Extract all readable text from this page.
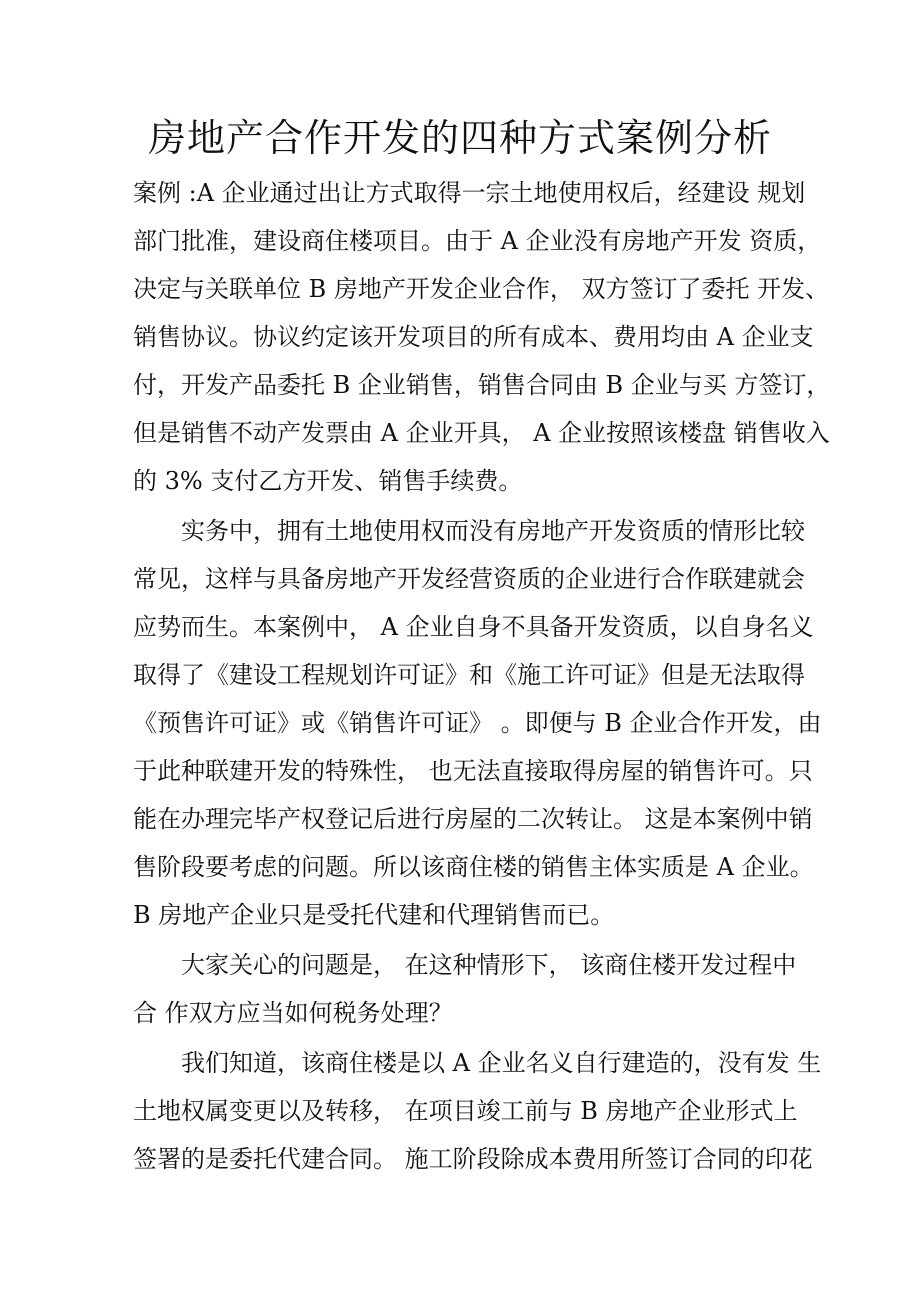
房地产合作开发的四种方式案例分析
案例 :A 企业通过出让方式取得一宗土地使用权后，经建设 规划
部门批准，建设商住楼项目。由于 A 企业没有房地产开发 资质，
决定与关联单位 B 房地产开发企业合作， 双方签订了委托 开发、
销售协议。协议约定该开发项目的所有成本、费用均由 A 企业支
付，开发产品委托 B 企业销售，销售合同由 B 企业与买 方签订，
但是销售不动产发票由 A 企业开具， A 企业按照该楼盘 销售收入
的 3% 支付乙方开发、销售手续费。
实务中，拥有土地使用权而没有房地产开发资质的情形比较
常见，这样与具备房地产开发经营资质的企业进行合作联建就会
应势而生。本案例中， A 企业自身不具备开发资质，以自身名义
取得了《建设工程规划许可证》和《施工许可证》但是无法取得
《预售许可证》或《销售许可证》 。即便与 B 企业合作开发，由
于此种联建开发的特殊性， 也无法直接取得房屋的销售许可。只
能在办理完毕产权登记后进行房屋的二次转让。 这是本案例中销
售阶段要考虑的问题。所以该商住楼的销售主体实质是 A 企业。
B 房地产企业只是受托代建和代理销售而已。
大家关心的问题是， 在这种情形下， 该商住楼开发过程中
合 作双方应当如何税务处理？
我们知道，该商住楼是以 A 企业名义自行建造的，没有发 生
土地权属变更以及转移， 在项目竣工前与 B 房地产企业形式上
签署的是委托代建合同。 施工阶段除成本费用所签订合同的印花
